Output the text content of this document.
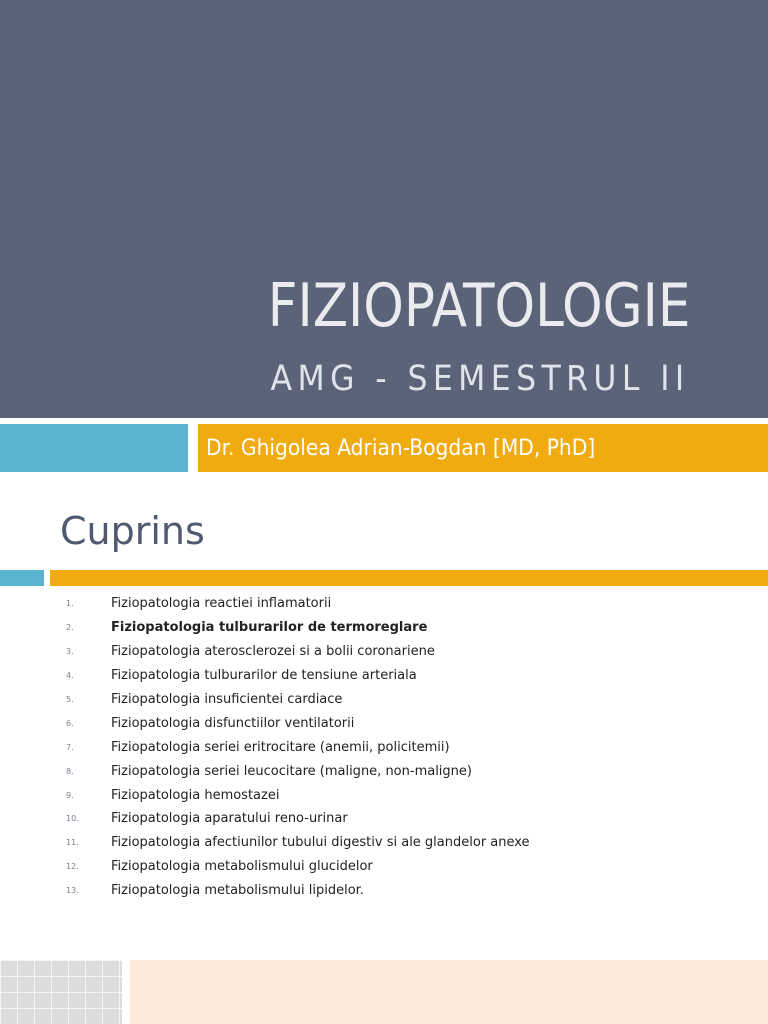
FIZIOPATOLOGIE
AMG - SEMESTRUL II
Dr. Ghigolea Adrian-Bogdan [MD, PhD]
Cuprins
1.	Fiziopatologia reactiei inflamatorii
2.	Fiziopatologia tulburarilor de termoreglare
3.	Fiziopatologia aterosclerozei si a bolii coronariene
4.	Fiziopatologia tulburarilor de tensiune arteriala
5.	Fiziopatologia insuficientei cardiace
6.	Fiziopatologia disfunctiilor ventilatorii
7.	Fiziopatologia seriei eritrocitare (anemii, policitemii)
8.	Fiziopatologia seriei leucocitare (maligne, non-maligne)
9.	Fiziopatologia hemostazei
10.	Fiziopatologia aparatului reno-urinar
11.	Fiziopatologia afectiunilor tubului digestiv si ale glandelor anexe
12.	Fiziopatologia metabolismului glucidelor
13.	Fiziopatologia metabolismului lipidelor.
